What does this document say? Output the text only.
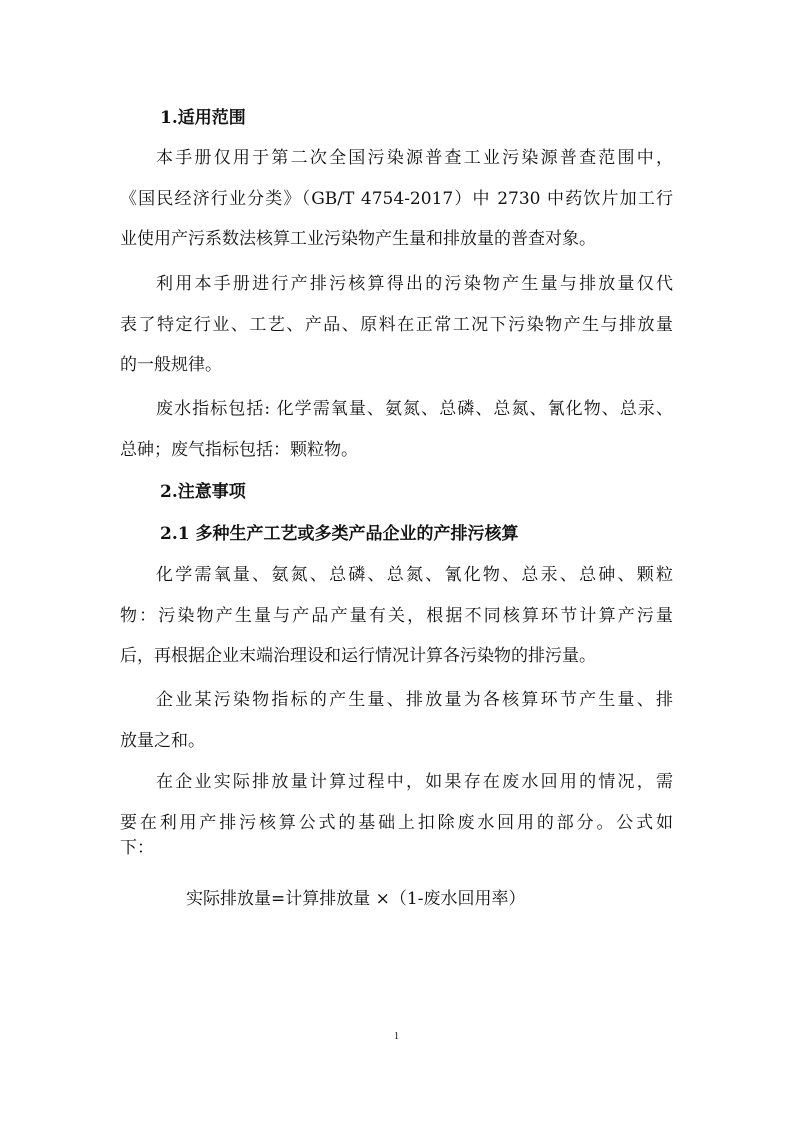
1.适用范围

本手册仅用于第二次全国污染源普查工业污染源普查范围中，
《国民经济行业分类》（GB/T 4754-2017）中 2730 中药饮片加工行
业使用产污系数法核算工业污染物产生量和排放量的普查对象。

利用本手册进行产排污核算得出的污染物产生量与排放量仅代
表了特定行业、工艺、产品、原料在正常工况下污染物产生与排放量
的一般规律。

废水指标包括: 化学需氧量、氨氮、总磷、总氮、氰化物、总汞、
总砷；废气指标包括：颗粒物。

2.注意事项
2.1 多种生产工艺或多类产品企业的产排污核算

化学需氧量、氨氮、总磷、总氮、氰化物、总汞、总砷、颗粒
物：污染物产生量与产品产量有关，根据不同核算环节计算产污量
后，再根据企业末端治理设和运行情况计算各污染物的排污量。

企业某污染物指标的产生量、排放量为各核算环节产生量、排
放量之和。

在企业实际排放量计算过程中，如果存在废水回用的情况，需
要在利用产排污核算公式的基础上扣除废水回用的部分。公式如
下：

实际排放量=计算排放量 ×（1-废水回用率）

1
